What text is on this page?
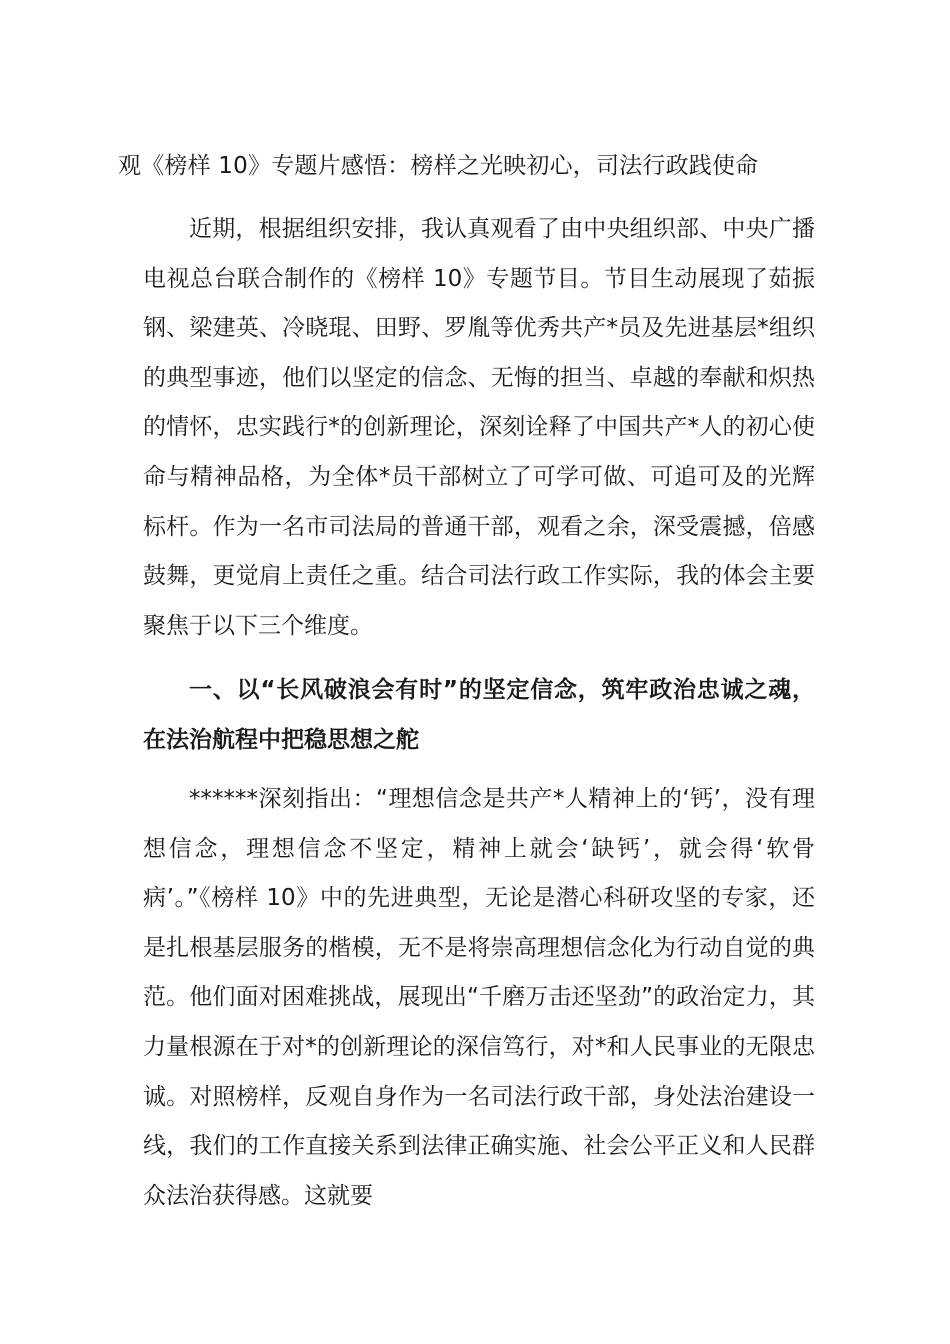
观《榜样 10》专题片感悟：榜样之光映初心，司法行政践使命

近期，根据组织安排，我认真观看了由中央组织部、中央广播电视总台联合制作的《榜样 10》专题节目。节目生动展现了茹振钢、梁建英、冷晓琨、田野、罗胤等优秀共产*员及先进基层*组织的典型事迹，他们以坚定的信念、无悔的担当、卓越的奉献和炽热的情怀，忠实践行*的创新理论，深刻诠释了中国共产*人的初心使命与精神品格，为全体*员干部树立了可学可做、可追可及的光辉标杆。作为一名市司法局的普通干部，观看之余，深受震撼，倍感鼓舞，更觉肩上责任之重。结合司法行政工作实际，我的体会主要聚焦于以下三个维度。

一、以“长风破浪会有时”的坚定信念，筑牢政治忠诚之魂，在法治航程中把稳思想之舵

******深刻指出：“理想信念是共产*人精神上的‘钙’，没有理想信念，理想信念不坚定，精神上就会‘缺钙’，就会得‘软骨病’。”《榜样 10》中的先进典型，无论是潜心科研攻坚的专家，还是扎根基层服务的楷模，无不是将崇高理想信念化为行动自觉的典范。他们面对困难挑战，展现出“千磨万击还坚劲”的政治定力，其力量根源在于对*的创新理论的深信笃行，对*和人民事业的无限忠诚。对照榜样，反观自身作为一名司法行政干部，身处法治建设一线，我们的工作直接关系到法律正确实施、社会公平正义和人民群众法治获得感。这就要
